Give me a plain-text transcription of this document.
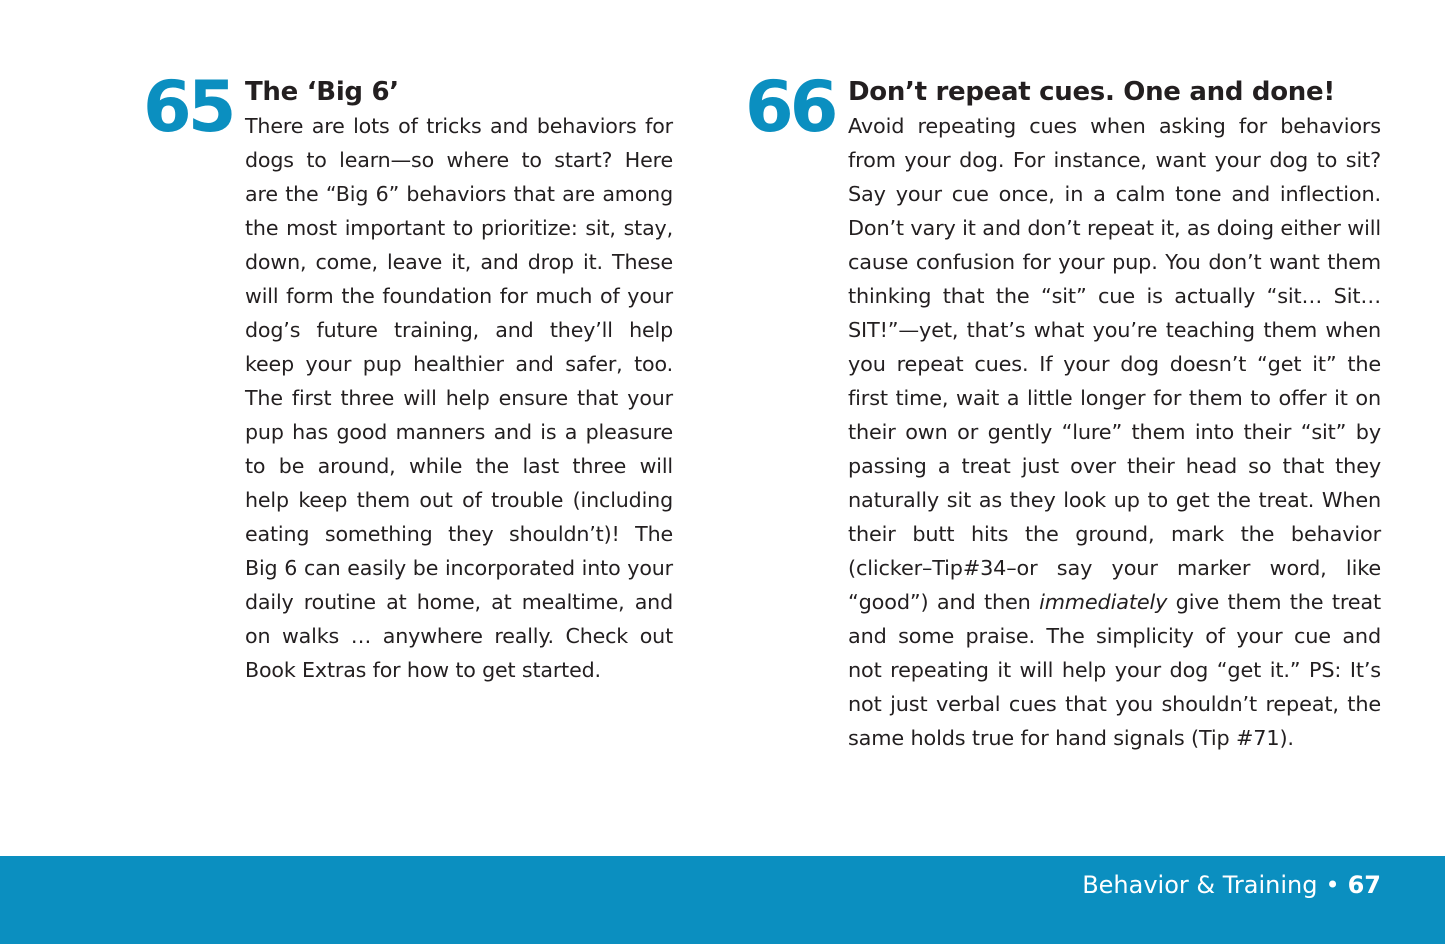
65 The ‘Big 6’

There are lots of tricks and behaviors for dogs to learn—so where to start? Here are the “Big 6” behaviors that are among the most important to prioritize: sit, stay, down, come, leave it, and drop it. These will form the foundation for much of your dog’s future training, and they’ll help keep your pup healthier and safer, too. The first three will help ensure that your pup has good manners and is a pleasure to be around, while the last three will help keep them out of trouble (including eating something they shouldn’t)! The Big 6 can easily be incorporated into your daily routine at home, at mealtime, and on walks … anywhere really. Check out Book Extras for how to get started.

66 Don’t repeat cues. One and done!

Avoid repeating cues when asking for behaviors from your dog. For instance, want your dog to sit? Say your cue once, in a calm tone and inflection. Don’t vary it and don’t repeat it, as doing either will cause confusion for your pup. You don’t want them thinking that the “sit” cue is actually “sit… Sit… SIT!”—yet, that’s what you’re teaching them when you repeat cues. If your dog doesn’t “get it” the first time, wait a little longer for them to offer it on their own or gently “lure” them into their “sit” by passing a treat just over their head so that they naturally sit as they look up to get the treat. When their butt hits the ground, mark the behavior (clicker–Tip#34–or say your marker word, like “good”) and then immediately give them the treat and some praise. The simplicity of your cue and not repeating it will help your dog “get it.” PS: It’s not just verbal cues that you shouldn’t repeat, the same holds true for hand signals (Tip #71).

Behavior & Training • 67
